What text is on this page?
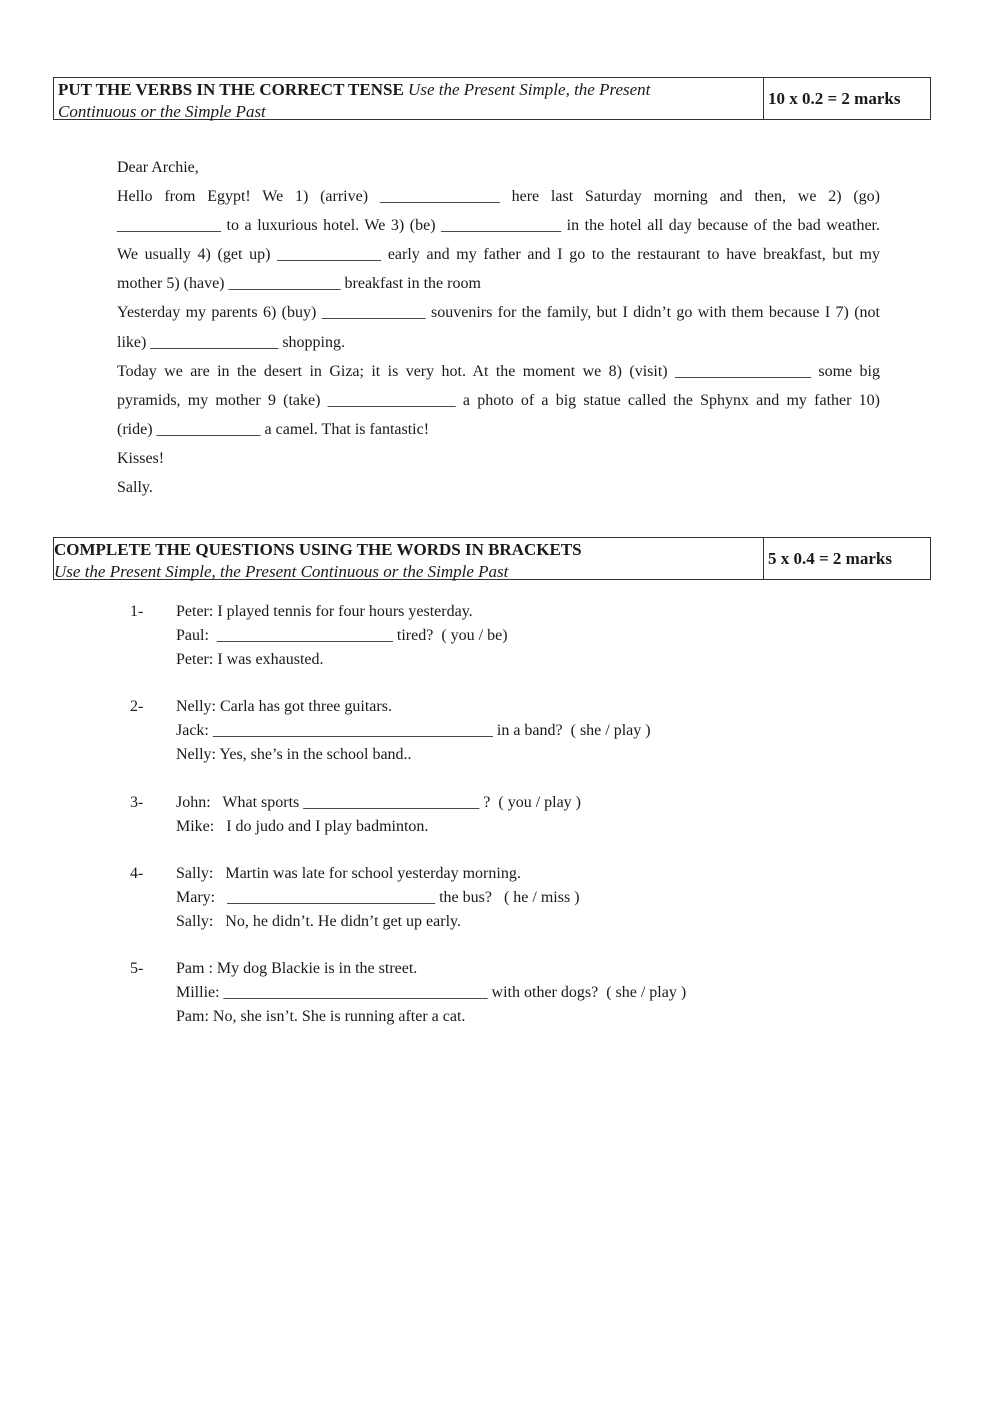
PUT THE VERBS IN THE CORRECT TENSE Use the Present Simple, the Present
Continuous or the Simple Past
10 x 0.2 = 2 marks
Dear Archie,
Hello from Egypt! We 1) (arrive) _______________ here last Saturday morning and then, we 2) (go)
_____________ to a luxurious hotel. We 3) (be) _______________ in the hotel all day because of the bad weather.
We usually 4) (get up) _____________ early and my father and I go to the restaurant to have breakfast, but my
mother 5) (have) ______________ breakfast in the room
Yesterday my parents 6) (buy) _____________ souvenirs for the family, but I didn’t go with them because I 7) (not
like) ________________ shopping.
Today we are in the desert in Giza; it is very hot. At the moment we 8) (visit) _________________ some big
pyramids, my mother 9 (take) ________________ a photo of a big statue called the Sphynx and my father 10)
(ride) _____________ a camel. That is fantastic!
Kisses!
Sally.
COMPLETE THE QUESTIONS USING THE WORDS IN BRACKETS
Use the Present Simple, the Present Continuous or the Simple Past
5 x 0.4 = 2 marks
1- Peter: I played tennis for four hours yesterday.
Paul:  ______________________ tired?  ( you / be)
Peter: I was exhausted.
2- Nelly: Carla has got three guitars.
Jack: ___________________________________ in a band?  ( she / play )
Nelly: Yes, she’s in the school band..
3- John:   What sports ______________________ ?  ( you / play )
Mike:   I do judo and I play badminton.
4- Sally:   Martin was late for school yesterday morning.
Mary:   __________________________ the bus?   ( he / miss )
Sally:   No, he didn’t. He didn’t get up early.
5- Pam : My dog Blackie is in the street.
Millie: _________________________________ with other dogs?  ( she / play )
Pam: No, she isn’t. She is running after a cat.
